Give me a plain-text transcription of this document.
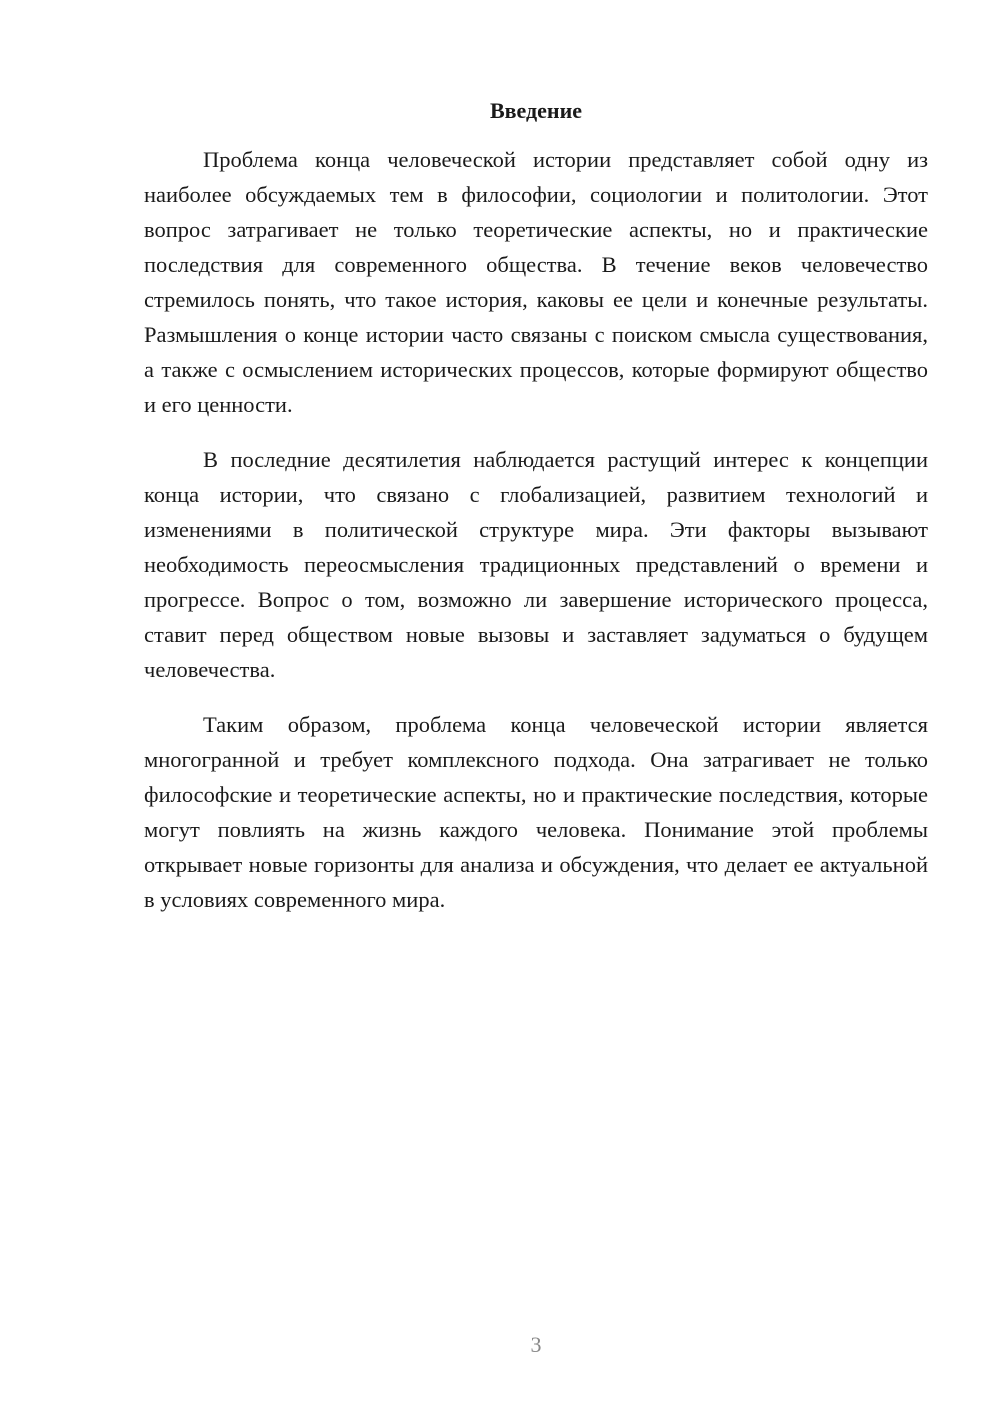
Введение

Проблема конца человеческой истории представляет собой одну из наиболее обсуждаемых тем в философии, социологии и политологии. Этот вопрос затрагивает не только теоретические аспекты, но и практические последствия для современного общества. В течение веков человечество стремилось понять, что такое история, каковы ее цели и конечные результаты. Размышления о конце истории часто связаны с поиском смысла существования, а также с осмыслением исторических процессов, которые формируют общество и его ценности.

В последние десятилетия наблюдается растущий интерес к концепции конца истории, что связано с глобализацией, развитием технологий и изменениями в политической структуре мира. Эти факторы вызывают необходимость переосмысления традиционных представлений о времени и прогрессе. Вопрос о том, возможно ли завершение исторического процесса, ставит перед обществом новые вызовы и заставляет задуматься о будущем человечества.

Таким образом, проблема конца человеческой истории является многогранной и требует комплексного подхода. Она затрагивает не только философские и теоретические аспекты, но и практические последствия, которые могут повлиять на жизнь каждого человека. Понимание этой проблемы открывает новые горизонты для анализа и обсуждения, что делает ее актуальной в условиях современного мира.

3
